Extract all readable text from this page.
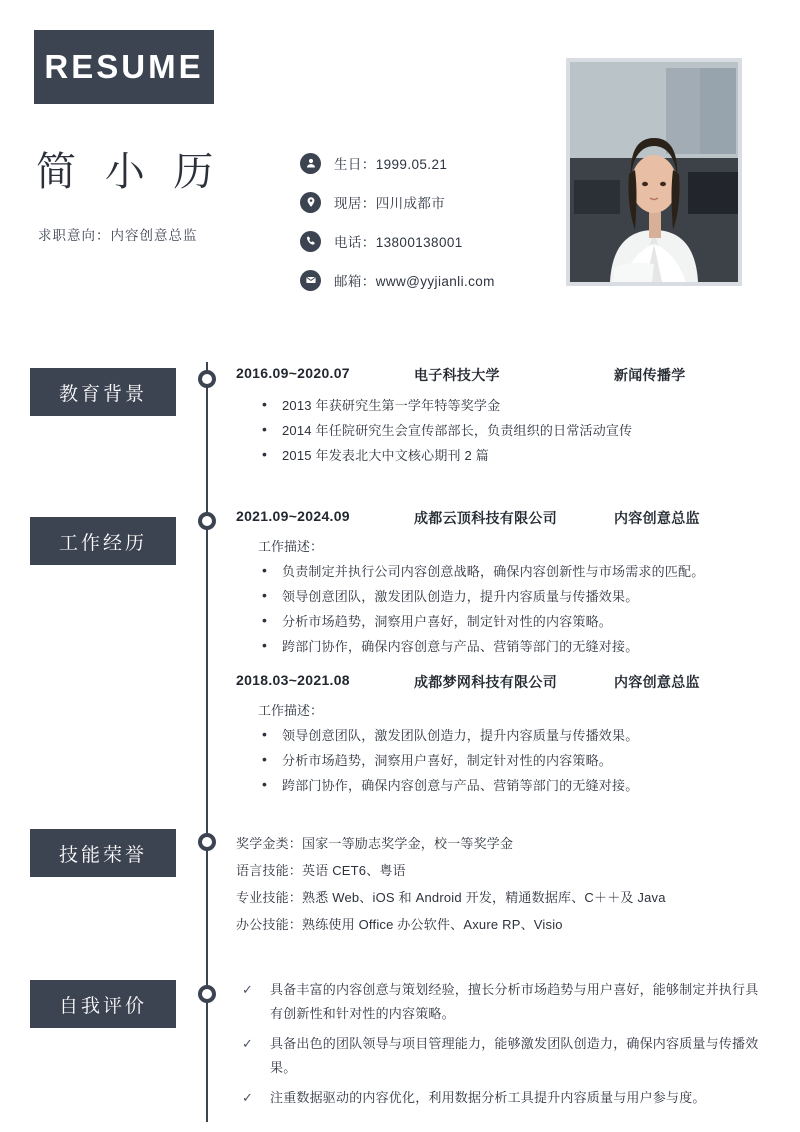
RESUME
简 小 历
求职意向：内容创意总监
生日：1999.05.21
现居：四川成都市
电话：13800138001
邮箱：www@yyjianli.com
教育背景
2016.09~2020.07	电子科技大学	新闻传播学
• 2013 年获研究生第一学年特等奖学金
• 2014 年任院研究生会宣传部部长，负责组织的日常活动宣传
• 2015 年发表北大中文核心期刊 2 篇
工作经历
2021.09~2024.09	成都云顶科技有限公司	内容创意总监
工作描述：
• 负责制定并执行公司内容创意战略，确保内容创新性与市场需求的匹配。
• 领导创意团队，激发团队创造力，提升内容质量与传播效果。
• 分析市场趋势，洞察用户喜好，制定针对性的内容策略。
• 跨部门协作，确保内容创意与产品、营销等部门的无缝对接。
2018.03~2021.08	成都梦网科技有限公司	内容创意总监
工作描述：
• 领导创意团队，激发团队创造力，提升内容质量与传播效果。
• 分析市场趋势，洞察用户喜好，制定针对性的内容策略。
• 跨部门协作，确保内容创意与产品、营销等部门的无缝对接。
技能荣誉	奖学金类：国家一等励志奖学金，校一等奖学金
语言技能：英语 CET6、粤语
专业技能：熟悉 Web、iOS 和 Android 开发，精通数据库、C＋＋及 Java
办公技能：熟练使用 Office 办公软件、Axure RP、Visio
自我评价
✓ 具备丰富的内容创意与策划经验，擅长分析市场趋势与用户喜好，能够制定并执行具有创新性和针对性的内容策略。
✓ 具备出色的团队领导与项目管理能力，能够激发团队创造力，确保内容质量与传播效果。
✓ 注重数据驱动的内容优化，利用数据分析工具提升内容质量与用户参与度。
